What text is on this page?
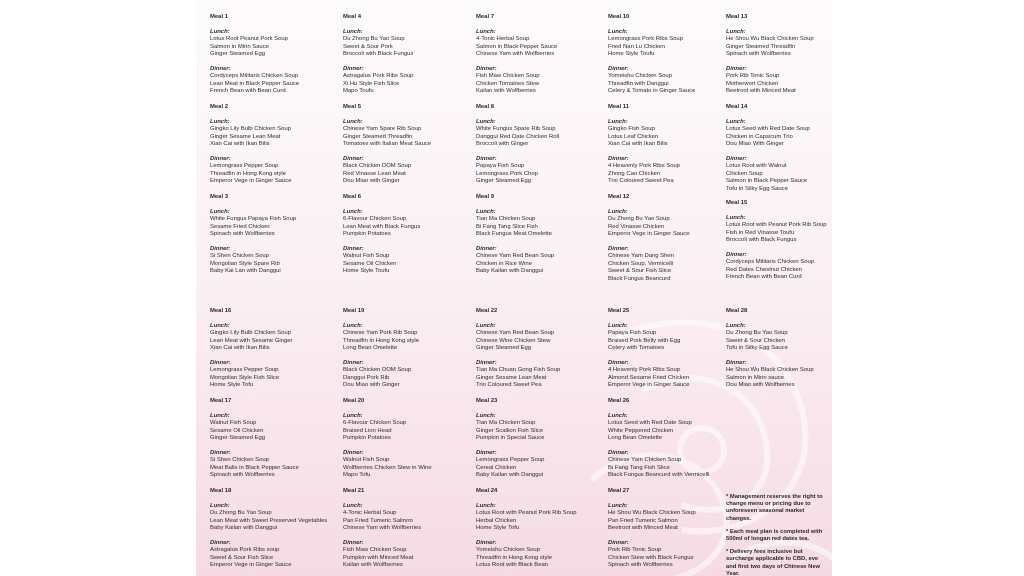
Meal 1
Lunch:
Lotus Root Peanut Pork Soup
Salmon in Mirin Sauce
Ginger Steamed Egg
Dinner:
Cordyceps Militaris Chicken Soup
Lean Meat in Black Pepper Sauce
French Bean with Bean Curd
Meal 2
Lunch:
Gingko Lily Bulb Chicken Soup
Ginger Sesame Lean Meat
Xian Cai with Ikan Bilis
Dinner:
Lemongrass Pepper Soup
Threadfin in Hong Kong style
Emperor Vege in Ginger Sauce
Meal 3
Lunch:
White Fungus Papaya Fish Soup
Sesame Fried Chicken
Spinach with Wolfberries
Dinner:
Si Shen Chicken Soup
Mongolian Style Spare Rib
Baby Kai Lan with Danggui
Meal 4
Lunch:
Du Zhong Bu Yao Soup
Sweet & Sour Pork
Broccoli with Black Fungus
Dinner:
Astragalus Pork Ribs Soup
Xi Hu Style Fish Slice
Mapo Toufu
Meal 5
Lunch:
Chinese Yam Spare Rib Soup
Ginger Steamed Threadfin
Tomatoes with Italian Meat Sauce
Dinner:
Black Chicken DOM Soup
Red Vinasse Lean Meat
Dou Miao with Ginger
Meal 6
Lunch:
6-Flavour Chicken Soup
Lean Meat with Black Fungus
Pumpkin Potatoes
Dinner:
Walnut Fish Soup
Sesame Oil Chicken
Home Style Toufu
Meal 7
Lunch:
4-Tonic Herbal Soup
Salmon in Black Pepper Sauce
Chinese Yam with Wolfberries
Dinner:
Fish Maw Chicken Soup
Chicken Tomatoes Stew
Kailan with Wolfberries
Meal 8
Lunch:
White Fungus Spare Rib Soup
Danggui Red Date Chicken Roll
Broccoli with Ginger
Dinner:
Papaya Fish Soup
Lemongrass Pork Chop
Ginger Steamed Egg
Meal 9
Lunch:
Tian Ma Chicken Soup
Bi Fang Tang Slice Fish
Black Fungus Meat Omelette
Dinner:
Chinese Yam Red Bean Soup
Chicken in Rice Wine
Baby Kailan with Danggui
Meal 10
Lunch:
Lemongrass Pork Ribs Soup
Fried Nan Lu Chicken
Home Style Toufu
Dinner:
Yomeishu Chicken Soup
Threadfin with Danggui
Celery & Tomato in Ginger Sauce
Meal 11
Lunch:
Gingko Fish Soup
Lotus Leaf Chicken
Xian Cai with Ikan Bilis
Dinner:
4 Heavenly Pork Ribs Soup
Zhong Cao Chicken
Trio Coloured Sweet Pea
Meal 12
Lunch:
Du Zhong Bu Yao Soup
Red Vinasse Chicken
Emperor Vege in Ginger Sauce
Dinner:
Chinese Yam Dang Shen
Chicken Soup, Vermicelli
Sweet & Sour Fish Slice
Black Fungus Beancurd
Meal 13
Lunch:
He Shou Wu Black Chicken Soup
Ginger Steamed Threadfin
Spinach with Wolfberries
Dinner:
Pork Rib Tonic Soup
Motherwort Chicken
Beetroot with Minced Meat
Meal 14
Lunch:
Lotus Seed with Red Date Soup
Chicken in Capsicum Trio
Dou Miao With Ginger
Dinner:
Lotus Root with Walnut
Chicken Soup
Salmon in Black Pepper Sauce
Tofu in Silky Egg Sauce
Meal 15
Lunch:
Lotus Root with Peanut Pork Rib Soup
Fish in Red Vinasse Toufu
Broccoli with Black Fungus
Dinner:
Cordyceps Militaris Chicken Soup
Red Dates Chestnut Chicken
French Bean with Bean Curd
Meal 16
Lunch:
Gingko Lily Bulb Chicken Soup
Lean Meat with Sesame Ginger
Xian Cai with Ikan Bilis
Dinner:
Lemongrass Pepper Soup
Mongolian Style Fish Slice
Home Style Tofu
Meal 17
Lunch:
Walnut Fish Soup
Sesame Oil Chicken
Ginger Steamed Egg
Dinner:
Si Shen Chicken Soup
Meat Balls in Black Pepper Sauce
Spinach with Wolfberries
Meal 18
Lunch:
Du Zhong Bu Yao Soup
Lean Meat with Sweet Preserved Vegetables
Baby Kailan with Danggui
Dinner:
Astragalus Pork Ribs soup
Sweet & Sour Fish Slice
Emperor Vege in Ginger Sauce
Meal 19
Lunch:
Chinese Yam Pork Rib Soup
Threadfin in Hong Kong style
Long Bean Omelette
Dinner:
Black Chicken DOM Soup
Danggui Pork Rib
Dou Miao with Ginger
Meal 20
Lunch:
6-Flavour Chicken Soup
Braised Lion Head
Pumpkin Potatoes
Dinner:
Walnut Fish Soup
Wolfberries Chicken Stew in Wine
Mapo Tofu
Meal 21
Lunch:
4-Tonic Herbal Soup
Pan Fried Tumeric Salmon
Chinese Yam with Wolfberries
Dinner:
Fish Maw Chicken Soup
Pumpkin with Minced Meat
Kailan with Wolfberries
Meal 22
Lunch:
Chinese Yam Red Bean Soup
Chinese Wine Chicken Stew
Ginger Steamed Egg
Dinner:
Tian Ma Chuan Gong Fish Soup
Ginger Sesame Lean Meat
Trio Coloured Sweet Pea
Meal 23
Lunch:
Tian Ma Chicken Soup
Ginger Scallion Fish Slice
Pumpkin in Special Sauce
Dinner:
Lemongrass Pepper Soup
Cereal Chicken
Baby Kailan with Danggui
Meal 24
Lunch:
Lotus Root with Peanut Pork Rib Soup
Herbal Chicken
Home Style Tofu
Dinner:
Yomeishu Chicken Soup
Threadfin in Hong Kong style
Lotus Root with Black Bean
Meal 25
Lunch:
Papaya Fish Soup
Braised Pork Belly with Egg
Celery with Tomatoes
Dinner:
4 Heavenly Pork Ribs Soup
Almond Sesame Fried Chicken
Emperor Vege in Ginger Sauce
Meal 26
Lunch:
Lotus Seed with Red Date Soup
White Peppered Chicken
Long Bean Omelette
Dinner:
Chinese Yam Chicken Soup
Bi Fang Tang Fish Slice
Black Fungus Beancurd with Vermicelli
Meal 27
Lunch:
He Shou Wu Black Chicken Soup
Pan Fried Tumeric Salmon
Beetroot with Minced Meat
Dinner:
Pork Rib Tonic Soup
Chicken Stew with Black Fungus
Spinach with Wolfberries
Meal 28
Lunch:
Du Zhong Bu Yao Soup
Sweet & Sour Chicken
Tofu in Silky Egg Sauce
Dinner:
He Shou Wu Black Chicken Soup
Salmon in Mirin sauce
Dou Miao with Wolfberries
* Management reserves the right to change menu or pricing due to unforeseen seasonal market changes.
* Each meal plan is completed with 500ml of longan red dates tea.
* Delivery fees inclusive but surcharge applicable to CBD, eve and first two days of Chinese New Year.
